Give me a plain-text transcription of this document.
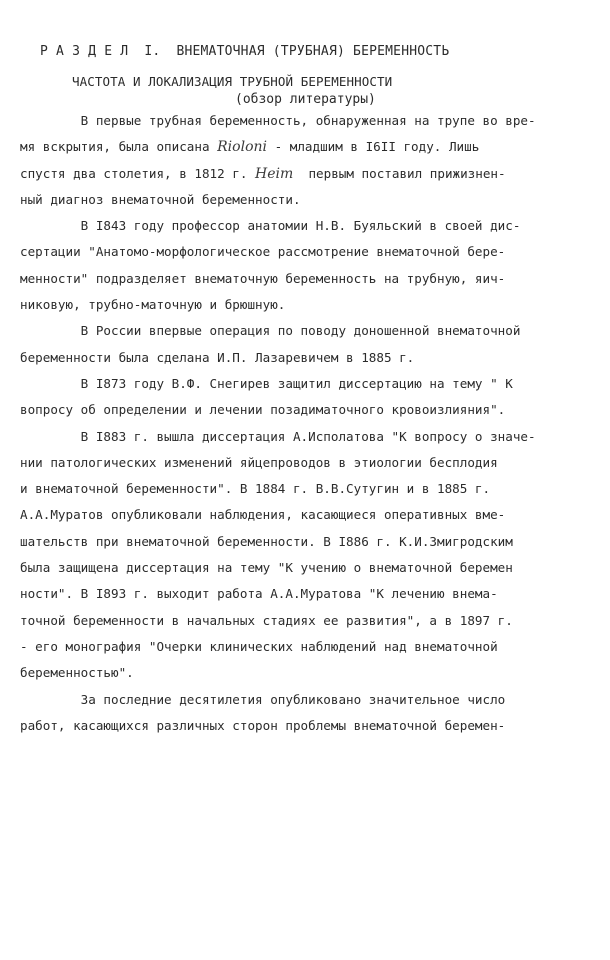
Р А З Д Е Л  I.  ВНЕМАТОЧНАЯ (ТРУБНАЯ) БЕРЕМЕННОСТЬ

(обзор литературы)

ЧАСТОТА И ЛОКАЛИЗАЦИЯ ТРУБНОЙ БЕРЕМЕННОСТИ
В первые трубная беременность, обнаруженная на трупе во вре-
мя вскрытия, была описана Rioloni - младшим в I6II году. Лишь
спустя два столетия, в 1812 г. Heim  первым поставил прижизнен-
ный диагноз внематочной беременности.
В I843 году профессор анатомии Н.В. Буяльский в своей дис-
сертации "Анатомо-морфологическое рассмотрение внематочной бере-
менности" подразделяет внематочную беременность на трубную, яич-
никовую, трубно-маточную и брюшную.
В России впервые операция по поводу доношенной внематочной
беременности была сделана И.П. Лазаревичем в 1885 г.
В I873 году В.Ф. Снегирев защитил диссертацию на тему " К
вопросу об определении и лечении позадиматочного кровоизлияния".
В I883 г. вышла диссертация А.Исполатова "К вопросу о значе-
нии патологических изменений яйцепроводов в этиологии бесплодия
и внематочной беременности". В 1884 г. В.В.Сутугин и в 1885 г.
А.А.Муратов опубликовали наблюдения, касающиеся оперативных вме-
шательств при внематочной беременности. В I886 г. К.И.Змигродским
была защищена диссертация на тему "К учению о внематочной беремен
ности". В I893 г. выходит работа А.А.Муратова "К лечению внема-
точной беременности в начальных стадиях ее развития", а в 1897 г.
- его монография "Очерки клинических наблюдений над внематочной
беременностью".
За последние десятилетия опубликовано значительное число
работ, касающихся различных сторон проблемы внематочной беремен-
